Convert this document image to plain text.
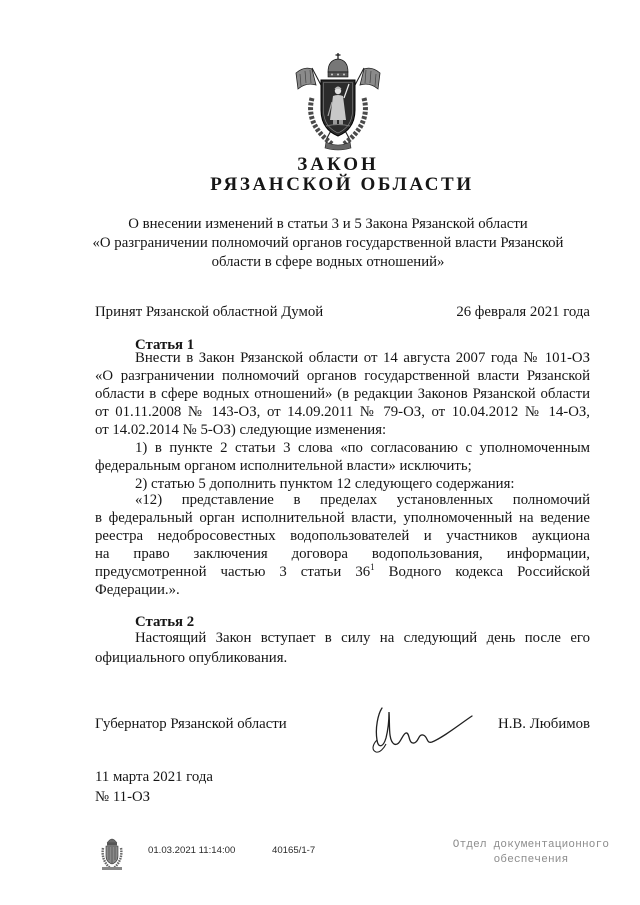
ЗАКОН
РЯЗАНСКОЙ ОБЛАСТИ
О внесении изменений в статьи 3 и 5 Закона Рязанской области
«О разграничении полномочий органов государственной власти Рязанской
области в сфере водных отношений»
Принят Рязанской областной Думой	26 февраля 2021 года
Статья 1
Внести в Закон Рязанской области от 14 августа 2007 года № 101-ОЗ
«О разграничении полномочий органов государственной власти Рязанской
области в сфере водных отношений» (в редакции Законов Рязанской области
от 01.11.2008 № 143-ОЗ, от 14.09.2011 № 79-ОЗ, от 10.04.2012 № 14-ОЗ,
от 14.02.2014 № 5-ОЗ) следующие изменения:
1) в пункте 2 статьи 3 слова «по согласованию с уполномоченным
федеральным органом исполнительной власти» исключить;
2) статью 5 дополнить пунктом 12 следующего содержания:
«12) представление в пределах установленных полномочий
в федеральный орган исполнительной власти, уполномоченный на ведение
реестра недобросовестных водопользователей и участников аукциона
на право заключения договора водопользования, информации,
предусмотренной частью 3 статьи $36^1$ Водного кодекса Российской
Федерации.».
Статья 2
Настоящий Закон вступает в силу на следующий день после его
официального опубликования.
Губернатор Рязанской области	Н.В. Любимов
11 марта 2021 года
№ 11-ОЗ
01.03.2021 11:14:00	40165/1-7	Отдел документационного
обеспечения
